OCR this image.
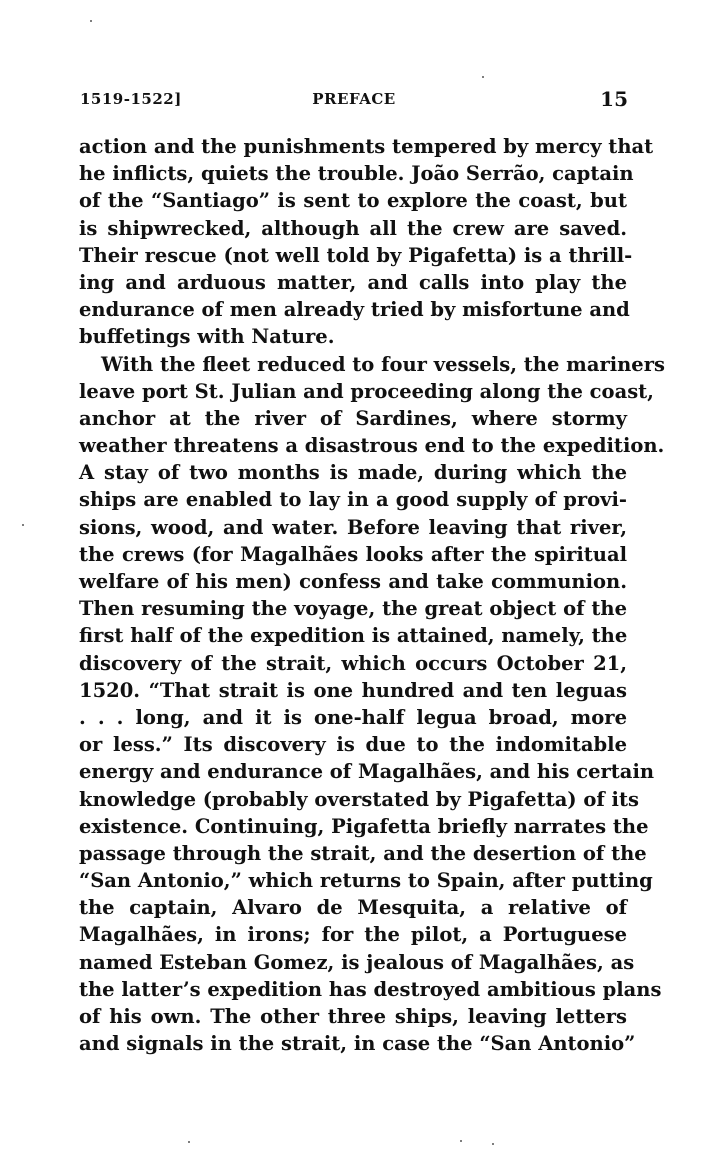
1519-1522]	PREFACE	15
action and the punishments tempered by mercy that
he inflicts, quiets the trouble. João Serrão, captain
of the “Santiago” is sent to explore the coast, but
is shipwrecked, although all the crew are saved.
Their rescue (not well told by Pigafetta) is a thrill-
ing and arduous matter, and calls into play the
endurance of men already tried by misfortune and
buffetings with Nature.
With the fleet reduced to four vessels, the mariners
leave port St. Julian and proceeding along the coast,
anchor at the river of Sardines, where stormy
weather threatens a disastrous end to the expedition.
A stay of two months is made, during which the
ships are enabled to lay in a good supply of provi-
sions, wood, and water. Before leaving that river,
the crews (for Magalhães looks after the spiritual
welfare of his men) confess and take communion.
Then resuming the voyage, the great object of the
first half of the expedition is attained, namely, the
discovery of the strait, which occurs October 21,
1520. “That strait is one hundred and ten leguas
. . . long, and it is one-half legua broad, more
or less.” Its discovery is due to the indomitable
energy and endurance of Magalhães, and his certain
knowledge (probably overstated by Pigafetta) of its
existence. Continuing, Pigafetta briefly narrates the
passage through the strait, and the desertion of the
“San Antonio,” which returns to Spain, after putting
the captain, Alvaro de Mesquita, a relative of
Magalhães, in irons; for the pilot, a Portuguese
named Esteban Gomez, is jealous of Magalhães, as
the latter’s expedition has destroyed ambitious plans
of his own. The other three ships, leaving letters
and signals in the strait, in case the “San Antonio”
